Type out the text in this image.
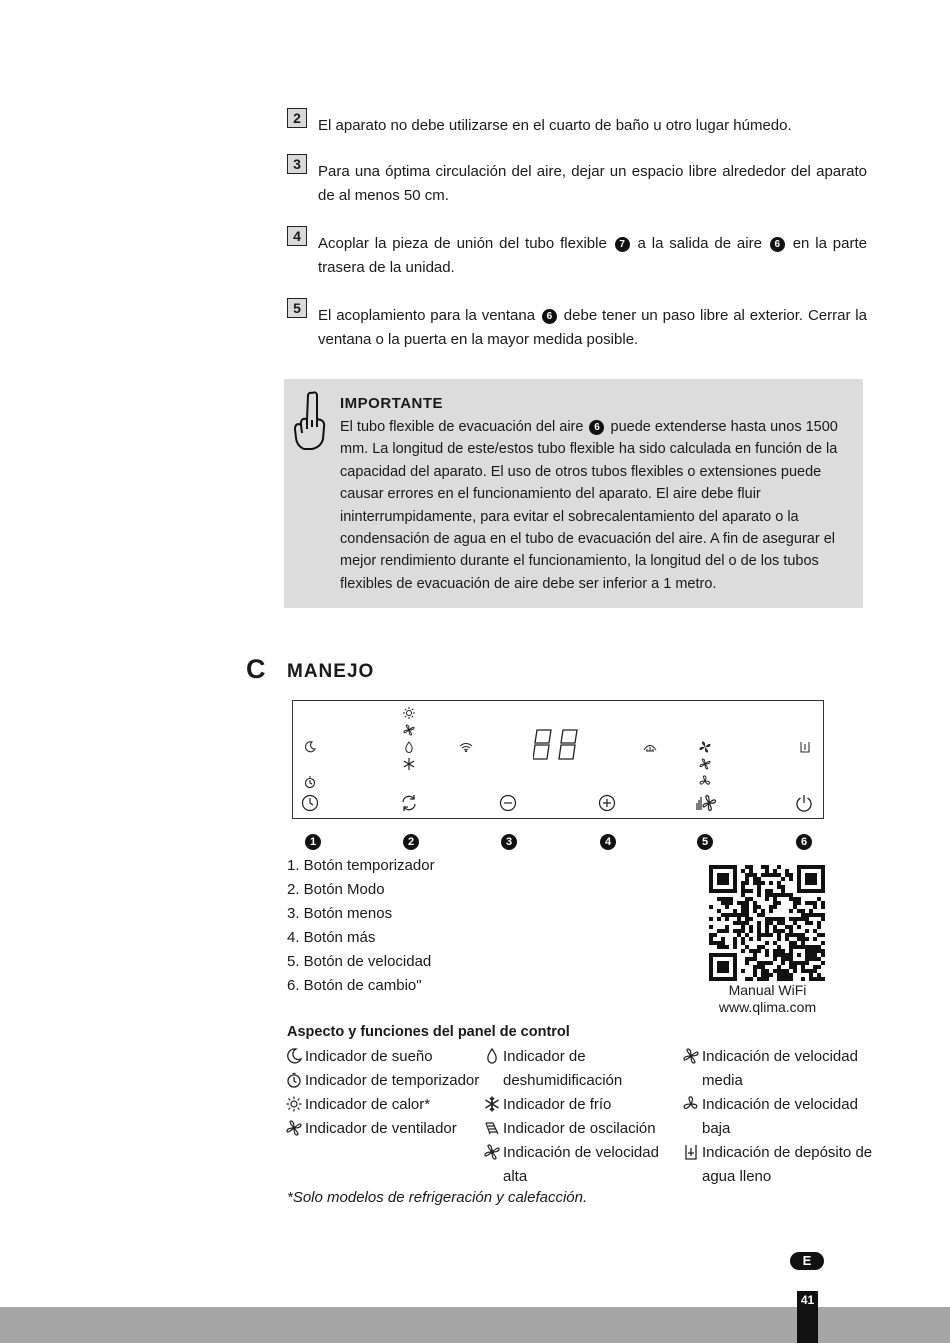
2	El aparato no debe utilizarse en el cuarto de baño u otro lugar húmedo.
3	Para una óptima circulación del aire, dejar un espacio libre alrededor del aparato de al menos 50 cm.
4	Acoplar la pieza de unión del tubo flexible 7 a la salida de aire 6 en la parte trasera de la unidad.
5	El acoplamiento para la ventana 6 debe tener un paso libre al exterior. Cerrar la ventana o la puerta en la mayor medida posible.
IMPORTANTE
El tubo flexible de evacuación del aire 6 puede extenderse hasta unos 1500 mm. La longitud de este/estos tubo flexible ha sido calculada en función de la capacidad del aparato. El uso de otros tubos flexibles o extensiones puede causar errores en el funcionamiento del aparato. El aire debe fluir ininterrumpidamente, para evitar el sobrecalentamiento del aparato o la condensación de agua en el tubo de evacuación del aire. A fin de asegurar el mejor rendimiento durante el funcionamiento, la longitud del o de los tubos flexibles de evacuación de aire debe ser inferior a 1 metro.
C MANEJO
1	2	3	4	5	6
1. Botón temporizador
2. Botón Modo
3. Botón menos
4. Botón más
5. Botón de velocidad
6. Botón de cambio"	Manual WiFi
www.qlima.com
Aspecto y funciones del panel de control
Indicador de sueño
Indicador de temporizador
Indicador de calor*
Indicador de ventilador
Indicador de deshumidificación
Indicador de frío
Indicador de oscilación
Indicación de velocidad alta
Indicación de velocidad media
Indicación de velocidad baja
Indicación de depósito de agua lleno
*Solo modelos de refrigeración y calefacción.
E
41
